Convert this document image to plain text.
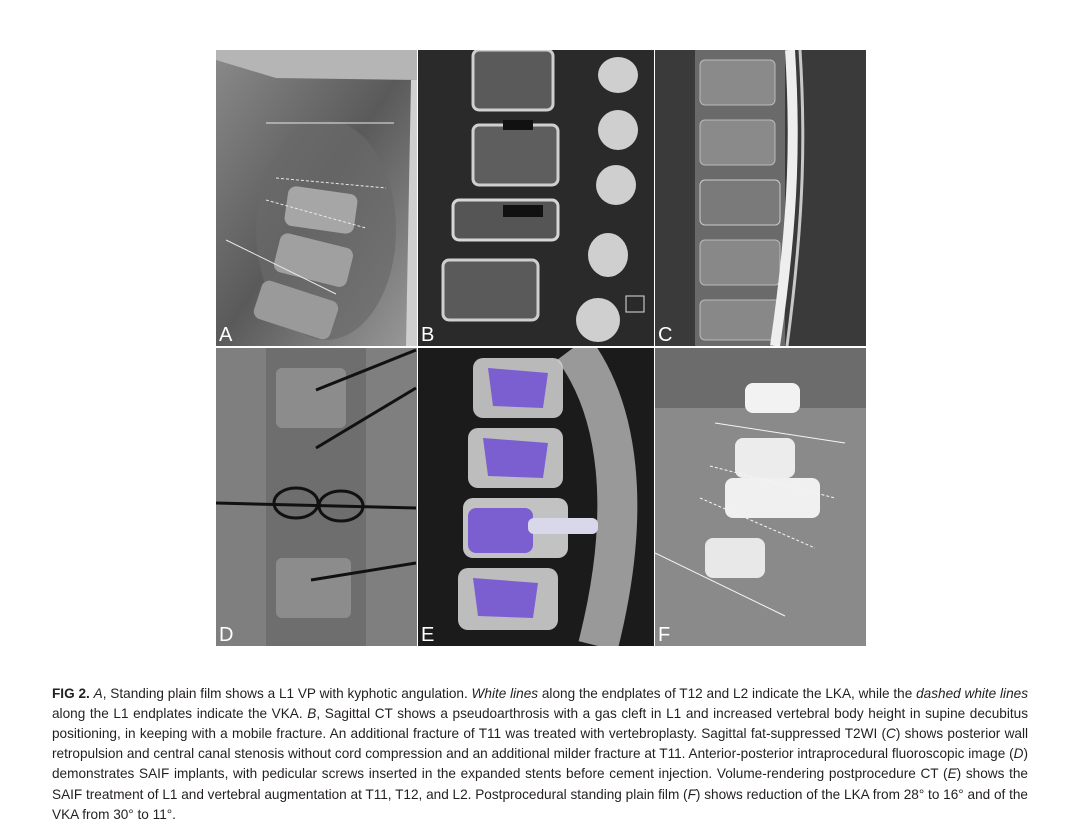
A	B	C
D	E	F

FIG 2. A, Standing plain film shows a L1 VP with kyphotic angulation. White lines along the endplates of T12 and L2 indicate the LKA, while the dashed white lines along the L1 endplates indicate the VKA. B, Sagittal CT shows a pseudoarthrosis with a gas cleft in L1 and increased vertebral body height in supine decubitus positioning, in keeping with a mobile fracture. An additional fracture of T11 was treated with vertebroplasty. Sagittal fat-suppressed T2WI (C) shows posterior wall retropulsion and central canal stenosis without cord compression and an additional milder fracture at T11. Anterior-posterior intraprocedural fluoroscopic image (D) demonstrates SAIF implants, with pedicular screws inserted in the expanded stents before cement injection. Volume-rendering postprocedure CT (E) shows the SAIF treatment of L1 and vertebral augmentation at T11, T12, and L2. Postprocedural standing plain film (F) shows reduction of the LKA from 28° to 16° and of the VKA from 30° to 11°.
